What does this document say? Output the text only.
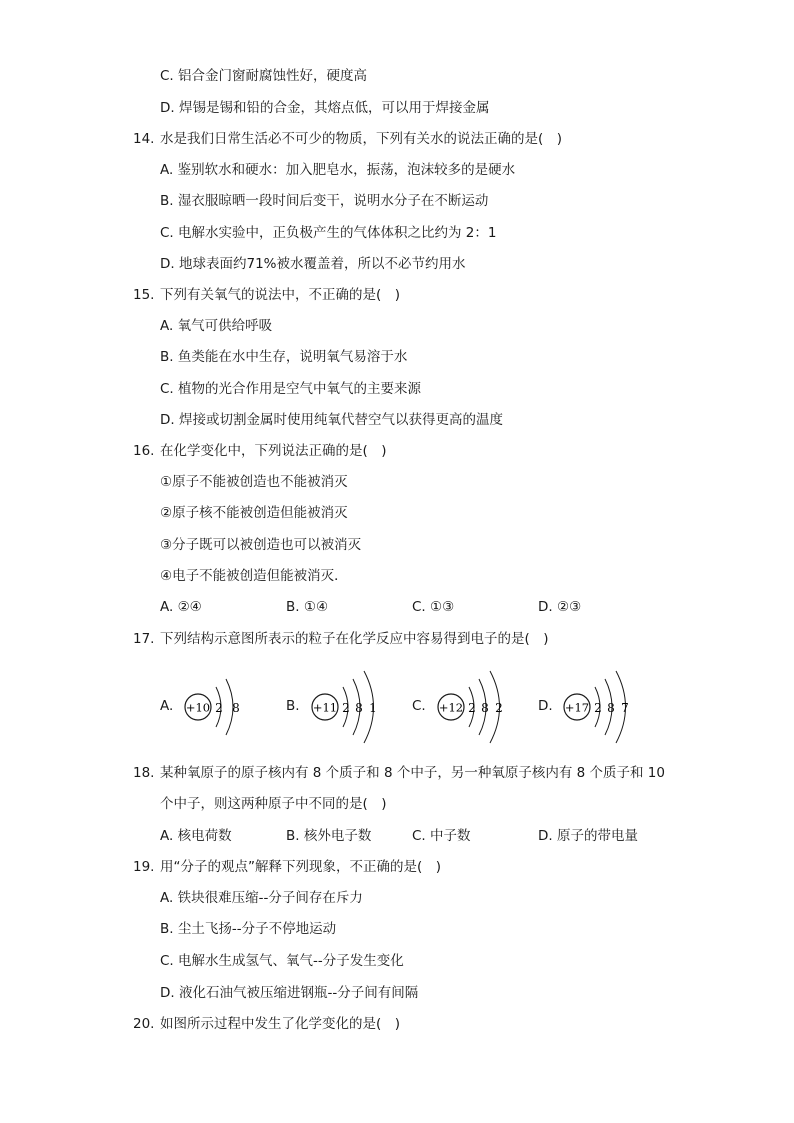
C. 铝合金门窗耐腐蚀性好，硬度高
D. 焊锡是锡和铅的合金，其熔点低，可以用于焊接金属
14. 水是我们日常生活必不可少的物质，下列有关水的说法正确的是(　)
A. 鉴别软水和硬水：加入肥皂水，振荡，泡沫较多的是硬水
B. 湿衣服晾晒一段时间后变干，说明水分子在不断运动
C. 电解水实验中，正负极产生的气体体积之比约为 2：1
D. 地球表面约71%被水覆盖着，所以不必节约用水
15. 下列有关氧气的说法中，不正确的是(　)
A. 氧气可供给呼吸
B. 鱼类能在水中生存，说明氧气易溶于水
C. 植物的光合作用是空气中氧气的主要来源
D. 焊接或切割金属时使用纯氧代替空气以获得更高的温度
16. 在化学变化中，下列说法正确的是(　)
①原子不能被创造也不能被消灭
②原子核不能被创造但能被消灭
③分子既可以被创造也可以被消灭
④电子不能被创造但能被消灭．
A. ②④	B. ①④	C. ①③	D. ②③
17. 下列结构示意图所表示的粒子在化学反应中容易得到电子的是(　)
A. +10 2 8	B. +11 2 8 1	C. +12 2 8 2	D. +17 2 8 7
18. 某种氧原子的原子核内有 8 个质子和 8 个中子，另一种氧原子核内有 8 个质子和 10
个中子，则这两种原子中不同的是(　)
A. 核电荷数	B. 核外电子数	C. 中子数	D. 原子的带电量
19. 用“分子的观点”解释下列现象，不正确的是(　)
A. 铁块很难压缩--分子间存在斥力
B. 尘土飞扬--分子不停地运动
C. 电解水生成氢气、氧气--分子发生变化
D. 液化石油气被压缩进钢瓶--分子间有间隔
20. 如图所示过程中发生了化学变化的是(　)
